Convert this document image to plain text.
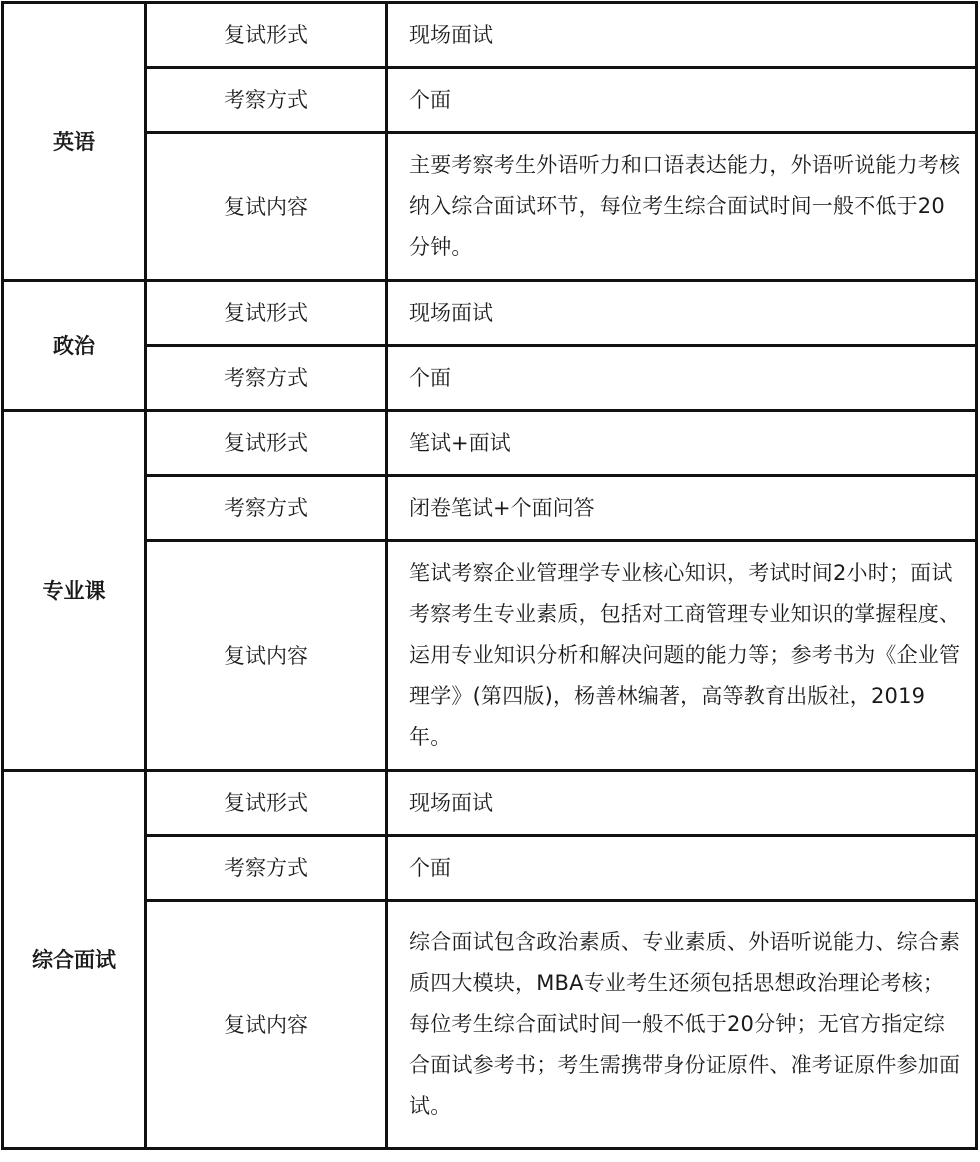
英语	复试形式	现场面试
	考察方式	个面
	复试内容	主要考察考生外语听力和口语表达能力，外语听说能力考核纳入综合面试环节，每位考生综合面试时间一般不低于20分钟。
政治	复试形式	现场面试
	考察方式	个面
专业课	复试形式	笔试+面试
	考察方式	闭卷笔试+个面问答
	复试内容	笔试考察企业管理学专业核心知识，考试时间2小时；面试考察考生专业素质，包括对工商管理专业知识的掌握程度、运用专业知识分析和解决问题的能力等；参考书为《企业管理学》(第四版)，杨善林编著，高等教育出版社，2019年。
综合面试	复试形式	现场面试
	考察方式	个面
	复试内容	综合面试包含政治素质、专业素质、外语听说能力、综合素质四大模块，MBA专业考生还须包括思想政治理论考核；每位考生综合面试时间一般不低于20分钟；无官方指定综合面试参考书；考生需携带身份证原件、准考证原件参加面试。
